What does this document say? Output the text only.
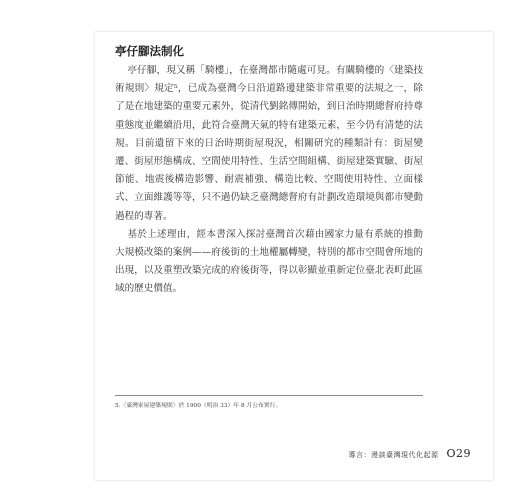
亭仔腳法制化

亭仔腳，現又稱「騎樓」，在臺灣都市隨處可見。有關騎樓的〈建築技術規則〉規定⁵，已成為臺灣今日沿道路邊建築非常重要的法規之一，除了是在地建築的重要元素外，從清代劉銘傳開始，到日治時期總督府持尊重態度並繼續沿用，此符合臺灣天氣的特有建築元素，至今仍有清楚的法規。目前遺留下來的日治時期街屋現況，相關研究的種類計有：街屋變遷、街屋形態構成、空間使用特性、生活空間組構、街屋建築實驗、街屋節能、地震後構造影響、耐震補強、構造比較、空間使用特性、立面樣式、立面維護等等，只不過仍缺乏臺灣總督府有計劃改造環境與都市變動過程的專著。

基於上述理由，經本書深入探討臺灣首次藉由國家力量有系統的推動大規模改築的案例——府後街的土地權屬轉變，特別的都市空間會所地的出現，以及重塑改築完成的府後街等，得以彰顯並重新定位臺北表町此區域的歷史價值。

5.〈臺灣家屋建築規則〉於 1900（明治 33）年 8 月公布實行。
導言：漫談臺灣現代化起源 O29
